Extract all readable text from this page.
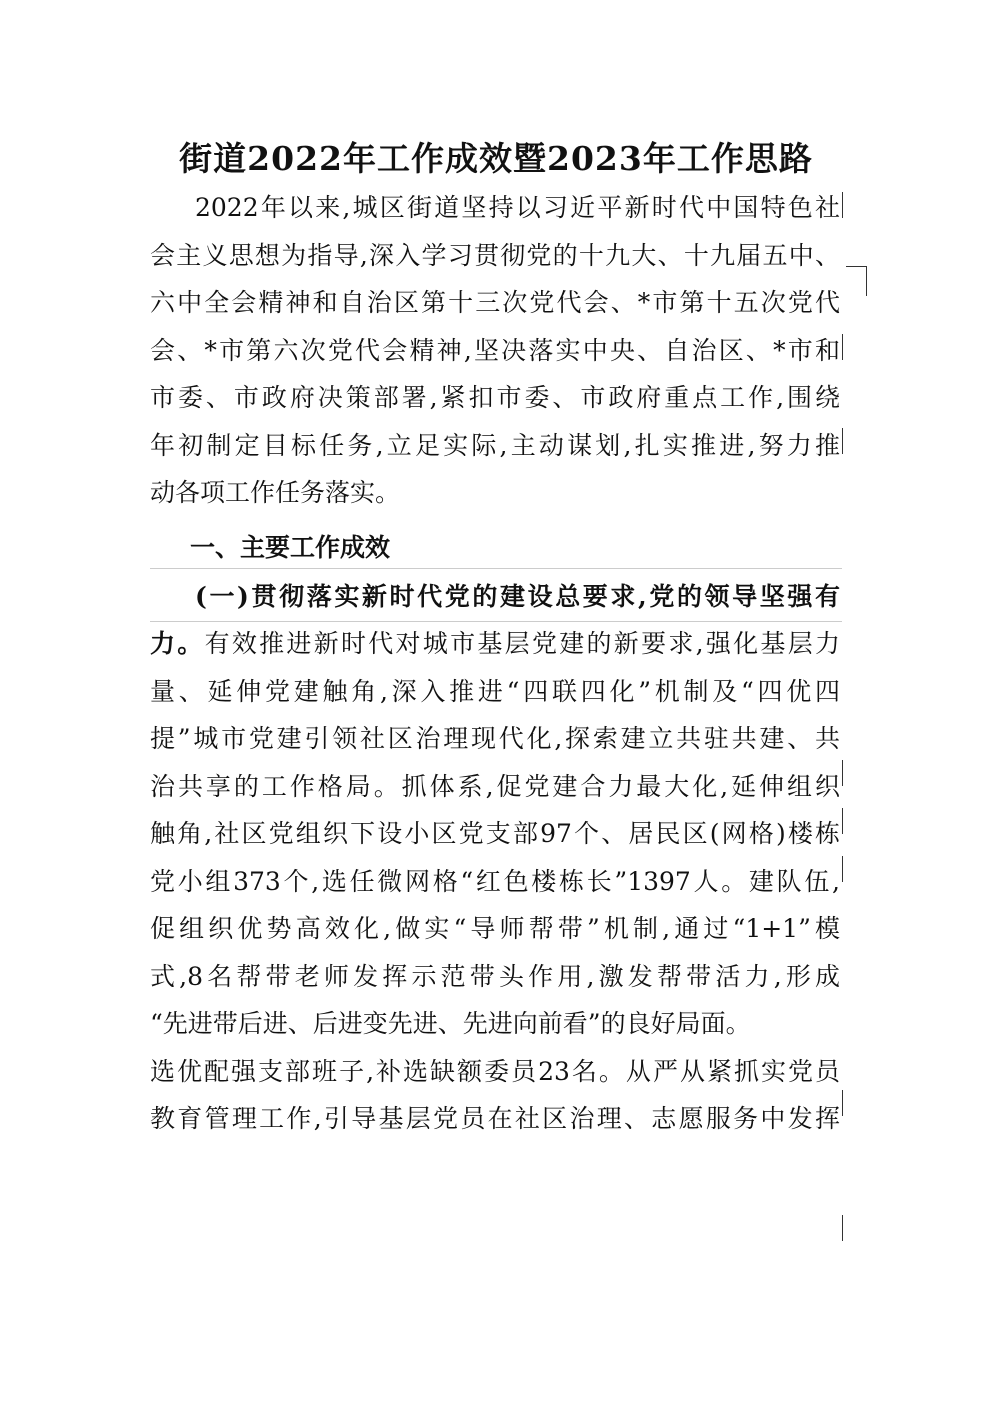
街道2022年工作成效暨2023年工作思路
2022年以来,城区街道坚持以习近平新时代中国特色社
会主义思想为指导,深入学习贯彻党的十九大、十九届五中、
六中全会精神和自治区第十三次党代会、*市第十五次党代
会、*市第六次党代会精神,坚决落实中央、自治区、*市和
市委、市政府决策部署,紧扣市委、市政府重点工作,围绕
年初制定目标任务,立足实际,主动谋划,扎实推进,努力推
动各项工作任务落实。
一、主要工作成效
(一)贯彻落实新时代党的建设总要求,党的领导坚强有
力。有效推进新时代对城市基层党建的新要求,强化基层力
量、延伸党建触角,深入推进“四联四化”机制及“四优四
提”城市党建引领社区治理现代化,探索建立共驻共建、共
治共享的工作格局。抓体系,促党建合力最大化,延伸组织
触角,社区党组织下设小区党支部97个、居民区(网格)楼栋
党小组373个,选任微网格“红色楼栋长”1397人。建队伍,
促组织优势高效化,做实“导师帮带”机制,通过“1+1”模
式,8名帮带老师发挥示范带头作用,激发帮带活力,形成
“先进带后进、后进变先进、先进向前看”的良好局面。
选优配强支部班子,补选缺额委员23名。从严从紧抓实党员
教育管理工作,引导基层党员在社区治理、志愿服务中发挥
